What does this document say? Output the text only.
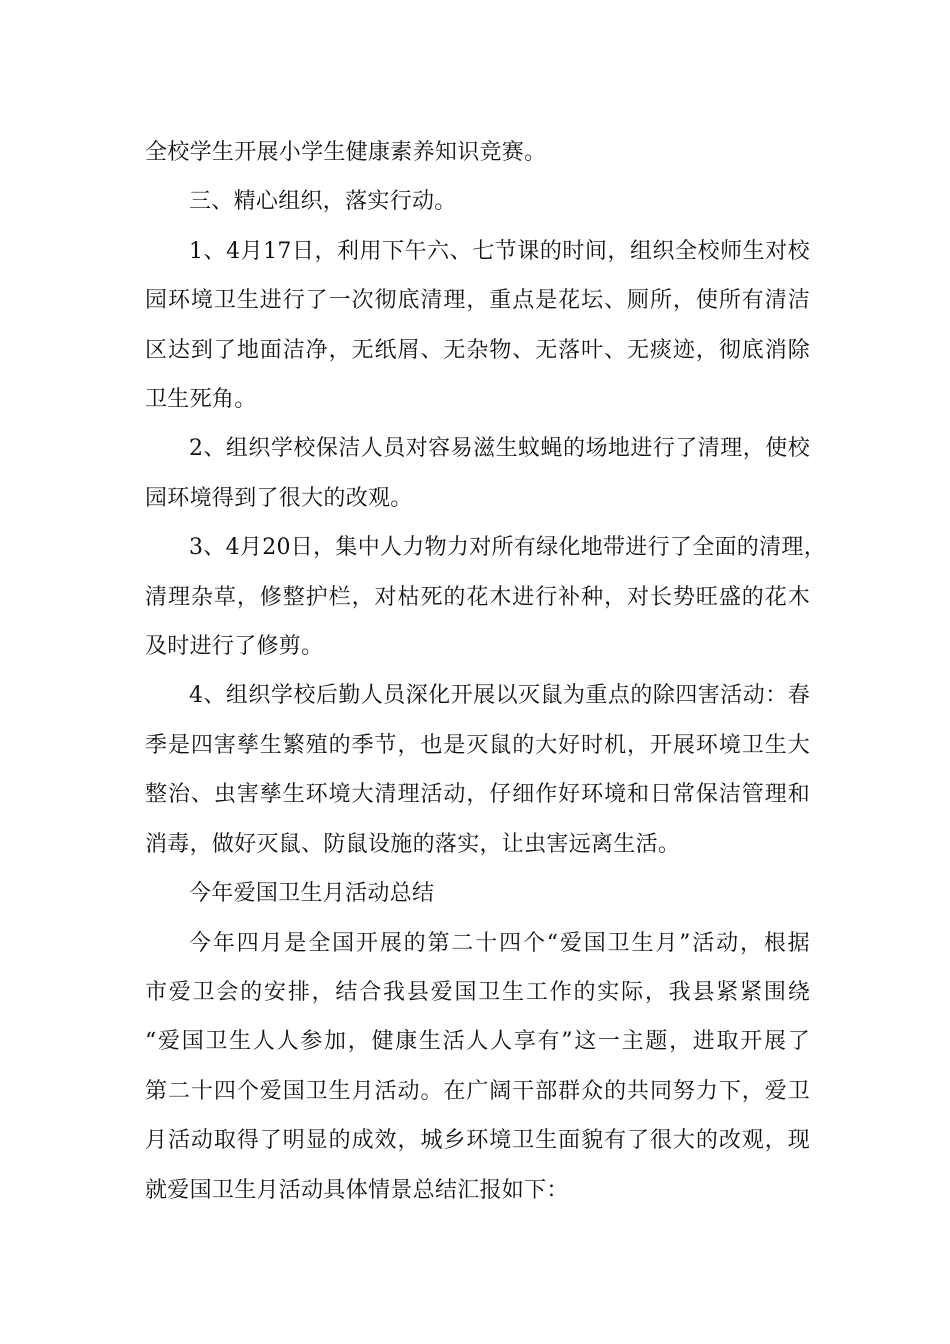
全校学生开展小学生健康素养知识竞赛。
三、精心组织，落实行动。
1、4月17日，利用下午六、七节课的时间，组织全校师生对校
园环境卫生进行了一次彻底清理，重点是花坛、厕所，使所有清洁
区达到了地面洁净，无纸屑、无杂物、无落叶、无痰迹，彻底消除
卫生死角。
2、组织学校保洁人员对容易滋生蚊蝇的场地进行了清理，使校
园环境得到了很大的改观。
3、4月20日，集中人力物力对所有绿化地带进行了全面的清理，
清理杂草，修整护栏，对枯死的花木进行补种，对长势旺盛的花木
及时进行了修剪。
4、组织学校后勤人员深化开展以灭鼠为重点的除四害活动：春
季是四害孳生繁殖的季节，也是灭鼠的大好时机，开展环境卫生大
整治、虫害孳生环境大清理活动，仔细作好环境和日常保洁管理和
消毒，做好灭鼠、防鼠设施的落实，让虫害远离生活。
今年爱国卫生月活动总结
今年四月是全国开展的第二十四个“爱国卫生月”活动，根据
市爱卫会的安排，结合我县爱国卫生工作的实际，我县紧紧围绕
“爱国卫生人人参加，健康生活人人享有”这一主题，进取开展了
第二十四个爱国卫生月活动。在广阔干部群众的共同努力下，爱卫
月活动取得了明显的成效，城乡环境卫生面貌有了很大的改观，现
就爱国卫生月活动具体情景总结汇报如下：
